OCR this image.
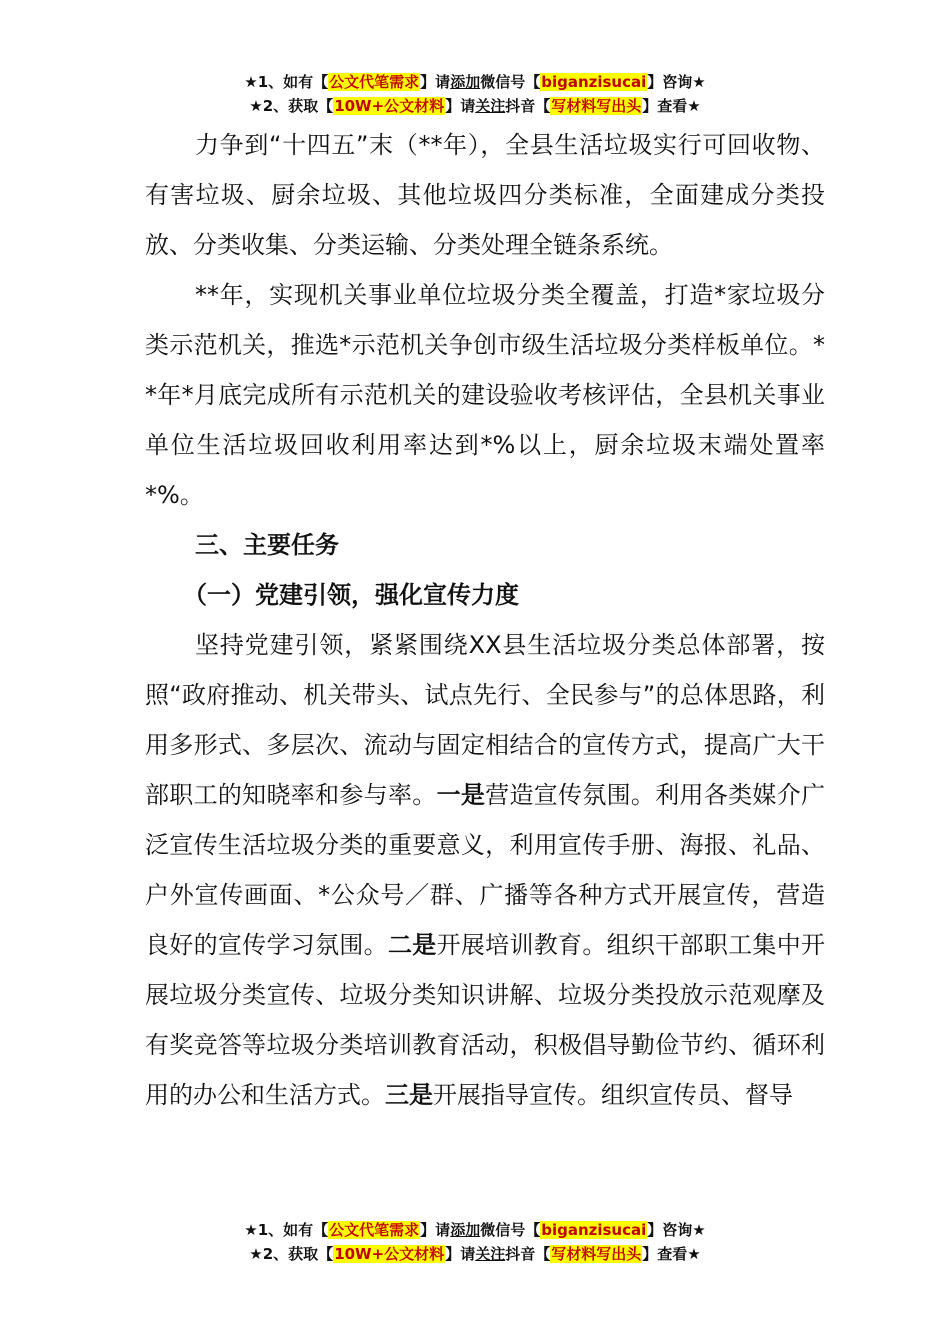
★1、如有【公文代笔需求】请添加微信号【biganzisucai】咨询★
★2、获取【10W+公文材料】请关注抖音【写材料写出头】查看★

力争到“十四五”末（**年），全县生活垃圾实行可回收物、有害垃圾、厨余垃圾、其他垃圾四分类标准，全面建成分类投放、分类收集、分类运输、分类处理全链条系统。

**年，实现机关事业单位垃圾分类全覆盖，打造*家垃圾分类示范机关，推选*示范机关争创市级生活垃圾分类样板单位。**年*月底完成所有示范机关的建设验收考核评估，全县机关事业单位生活垃圾回收利用率达到*%以上，厨余垃圾末端处置率*%。

三、主要任务

（一）党建引领，强化宣传力度

坚持党建引领，紧紧围绕XX县生活垃圾分类总体部署，按照“政府推动、机关带头、试点先行、全民参与”的总体思路，利用多形式、多层次、流动与固定相结合的宣传方式，提高广大干部职工的知晓率和参与率。一是营造宣传氛围。利用各类媒介广泛宣传生活垃圾分类的重要意义，利用宣传手册、海报、礼品、户外宣传画面、*公众号／群、广播等各种方式开展宣传，营造良好的宣传学习氛围。二是开展培训教育。组织干部职工集中开展垃圾分类宣传、垃圾分类知识讲解、垃圾分类投放示范观摩及有奖竞答等垃圾分类培训教育活动，积极倡导勤俭节约、循环利用的办公和生活方式。三是开展指导宣传。组织宣传员、督导

★1、如有【公文代笔需求】请添加微信号【biganzisucai】咨询★
★2、获取【10W+公文材料】请关注抖音【写材料写出头】查看★
